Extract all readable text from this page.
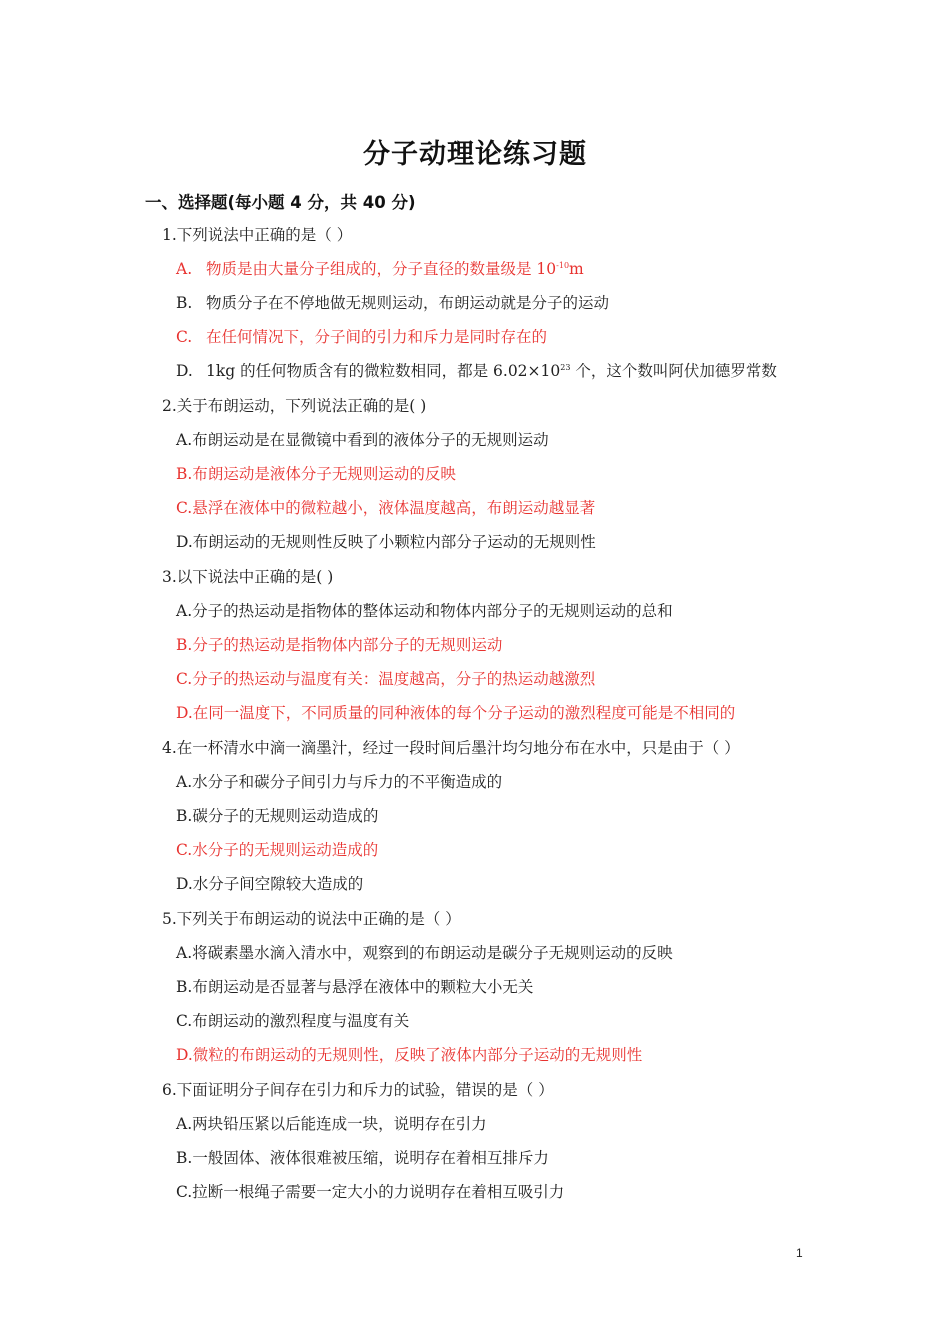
分子动理论练习题
一、选择题(每小题 4 分，共 40 分)
1.下列说法中正确的是（ ）
A. 物质是由大量分子组成的，分子直径的数量级是 $10^{-10}m$
B. 物质分子在不停地做无规则运动，布朗运动就是分子的运动
C. 在任何情况下，分子间的引力和斥力是同时存在的
D. 1kg 的任何物质含有的微粒数相同，都是 $6.02\times 10^{23}$ 个，这个数叫阿伏加德罗常数
2.关于布朗运动，下列说法正确的是( )
A.布朗运动是在显微镜中看到的液体分子的无规则运动
B.布朗运动是液体分子无规则运动的反映
C.悬浮在液体中的微粒越小，液体温度越高，布朗运动越显著
D.布朗运动的无规则性反映了小颗粒内部分子运动的无规则性
3.以下说法中正确的是( )
A.分子的热运动是指物体的整体运动和物体内部分子的无规则运动的总和
B.分子的热运动是指物体内部分子的无规则运动
C.分子的热运动与温度有关：温度越高，分子的热运动越激烈
D.在同一温度下，不同质量的同种液体的每个分子运动的激烈程度可能是不相同的
4.在一杯清水中滴一滴墨汁，经过一段时间后墨汁均匀地分布在水中，只是由于（ ）
A.水分子和碳分子间引力与斥力的不平衡造成的
B.碳分子的无规则运动造成的
C.水分子的无规则运动造成的
D.水分子间空隙较大造成的
5.下列关于布朗运动的说法中正确的是（ ）
A.将碳素墨水滴入清水中，观察到的布朗运动是碳分子无规则运动的反映
B.布朗运动是否显著与悬浮在液体中的颗粒大小无关
C.布朗运动的激烈程度与温度有关
D.微粒的布朗运动的无规则性，反映了液体内部分子运动的无规则性
6.下面证明分子间存在引力和斥力的试验，错误的是（ ）
A.两块铅压紧以后能连成一块，说明存在引力
B.一般固体、液体很难被压缩，说明存在着相互排斥力
C.拉断一根绳子需要一定大小的力说明存在着相互吸引力
1
